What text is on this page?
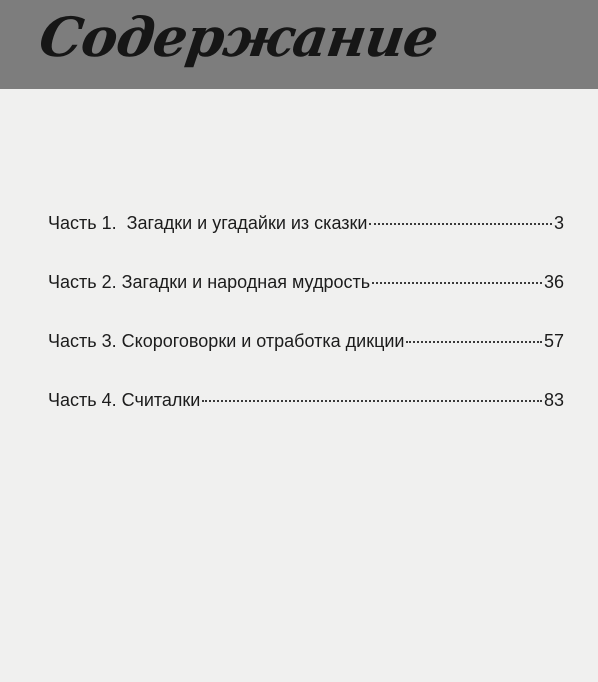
Содержание
Часть 1.  Загадки и угадайки из сказки	3
Часть 2. Загадки и народная мудрость	36
Часть 3. Скороговорки и отработка дикции	57
Часть 4. Считалки	83
